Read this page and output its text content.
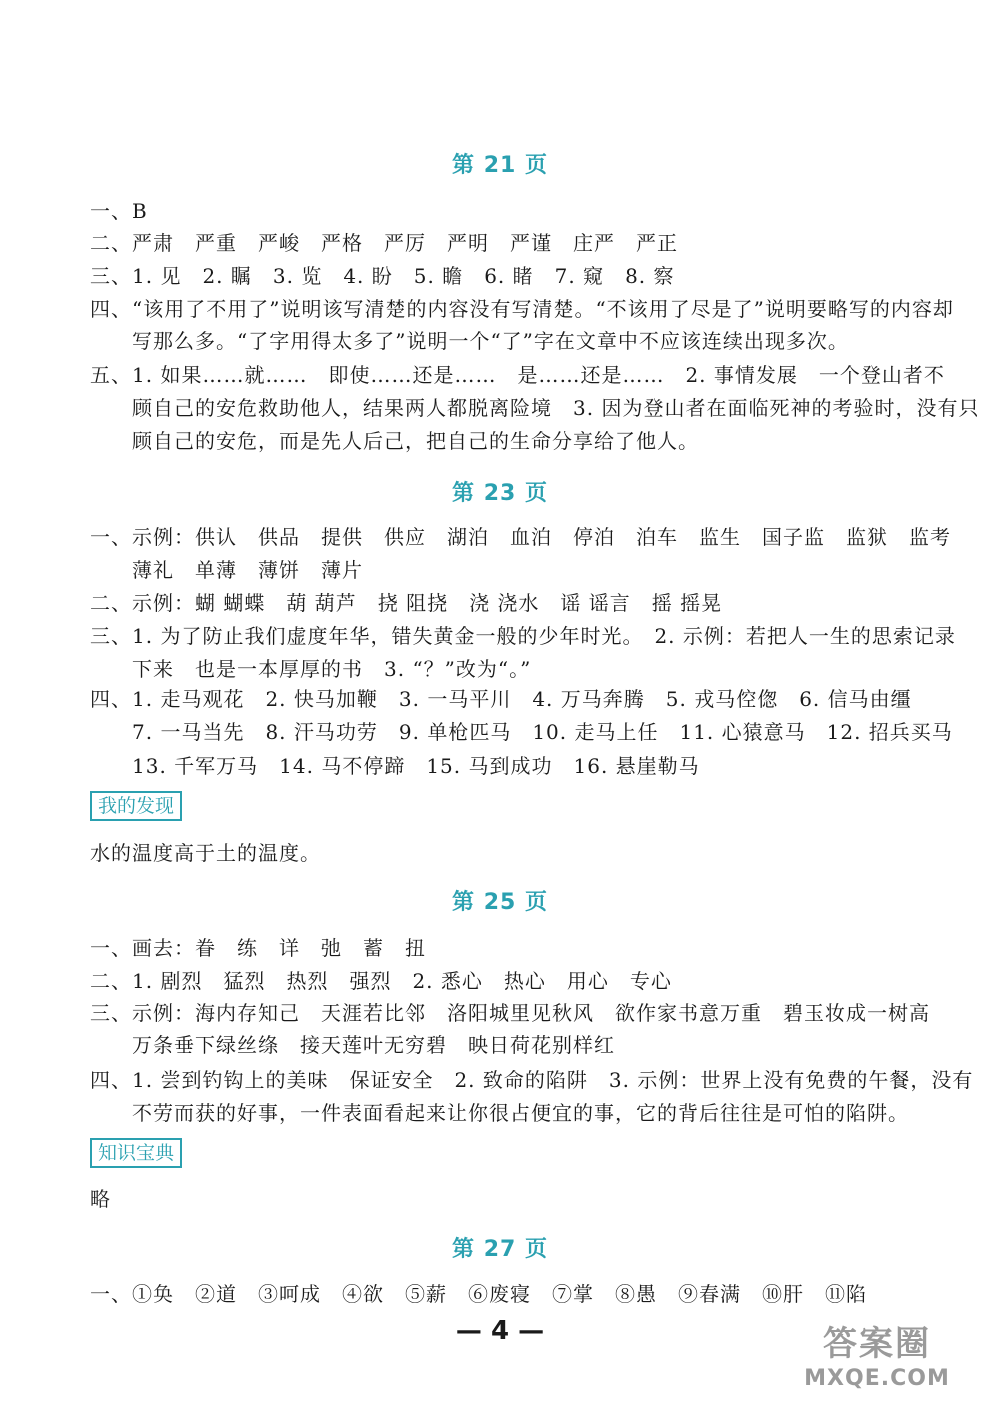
第 21 页
一、B
二、严肃　严重　严峻　严格　严厉　严明　严谨　庄严　严正
三、1. 见　2. 瞩　3. 览　4. 盼　5. 瞻　6. 睹　7. 窥　8. 察
四、“该用了不用了”说明该写清楚的内容没有写清楚。“不该用了尽是了”说明要略写的内容却
　　写那么多。“了字用得太多了”说明一个“了”字在文章中不应该连续出现多次。
五、1. 如果……就……　即使……还是……　是……还是……　2. 事情发展　一个登山者不
　　顾自己的安危救助他人，结果两人都脱离险境　3. 因为登山者在面临死神的考验时，没有只
　　顾自己的安危，而是先人后己，把自己的生命分享给了他人。
第 23 页
一、示例：供认　供品　提供　供应　湖泊　血泊　停泊　泊车　监生　国子监　监狱　监考
　　薄礼　单薄　薄饼　薄片
二、示例：蝴 蝴蝶　葫 葫芦　挠 阻挠　浇 浇水　谣 谣言　摇 摇晃
三、1. 为了防止我们虚度年华，错失黄金一般的少年时光。　2. 示例：若把人一生的思索记录
　　下来　也是一本厚厚的书　3. “？”改为“。”
四、1. 走马观花　2. 快马加鞭　3. 一马平川　4. 万马奔腾　5. 戎马倥偬　6. 信马由缰
　　7. 一马当先　8. 汗马功劳　9. 单枪匹马　10. 走马上任　11. 心猿意马　12. 招兵买马
　　13. 千军万马　14. 马不停蹄　15. 马到成功　16. 悬崖勒马
我的发现
水的温度高于土的温度。
第 25 页
一、画去：眷　练　详　弛　蓄　扭
二、1. 剧烈　猛烈　热烈　强烈　2. 悉心　热心　用心　专心
三、示例：海内存知己　天涯若比邻　洛阳城里见秋风　欲作家书意万重　碧玉妆成一树高
　　万条垂下绿丝绦　接天莲叶无穷碧　映日荷花别样红
四、1. 尝到钓钩上的美味　保证安全　2. 致命的陷阱　3. 示例：世界上没有免费的午餐，没有
　　不劳而获的好事，一件表面看起来让你很占便宜的事，它的背后往往是可怕的陷阱。
知识宝典
略
第 27 页
一、①奂　②道　③呵成　④欲　⑤薪　⑥废寝　⑦掌　⑧愚　⑨春满　⑩肝　⑪陷
— 4 —	答案圈
MXQE.COM
